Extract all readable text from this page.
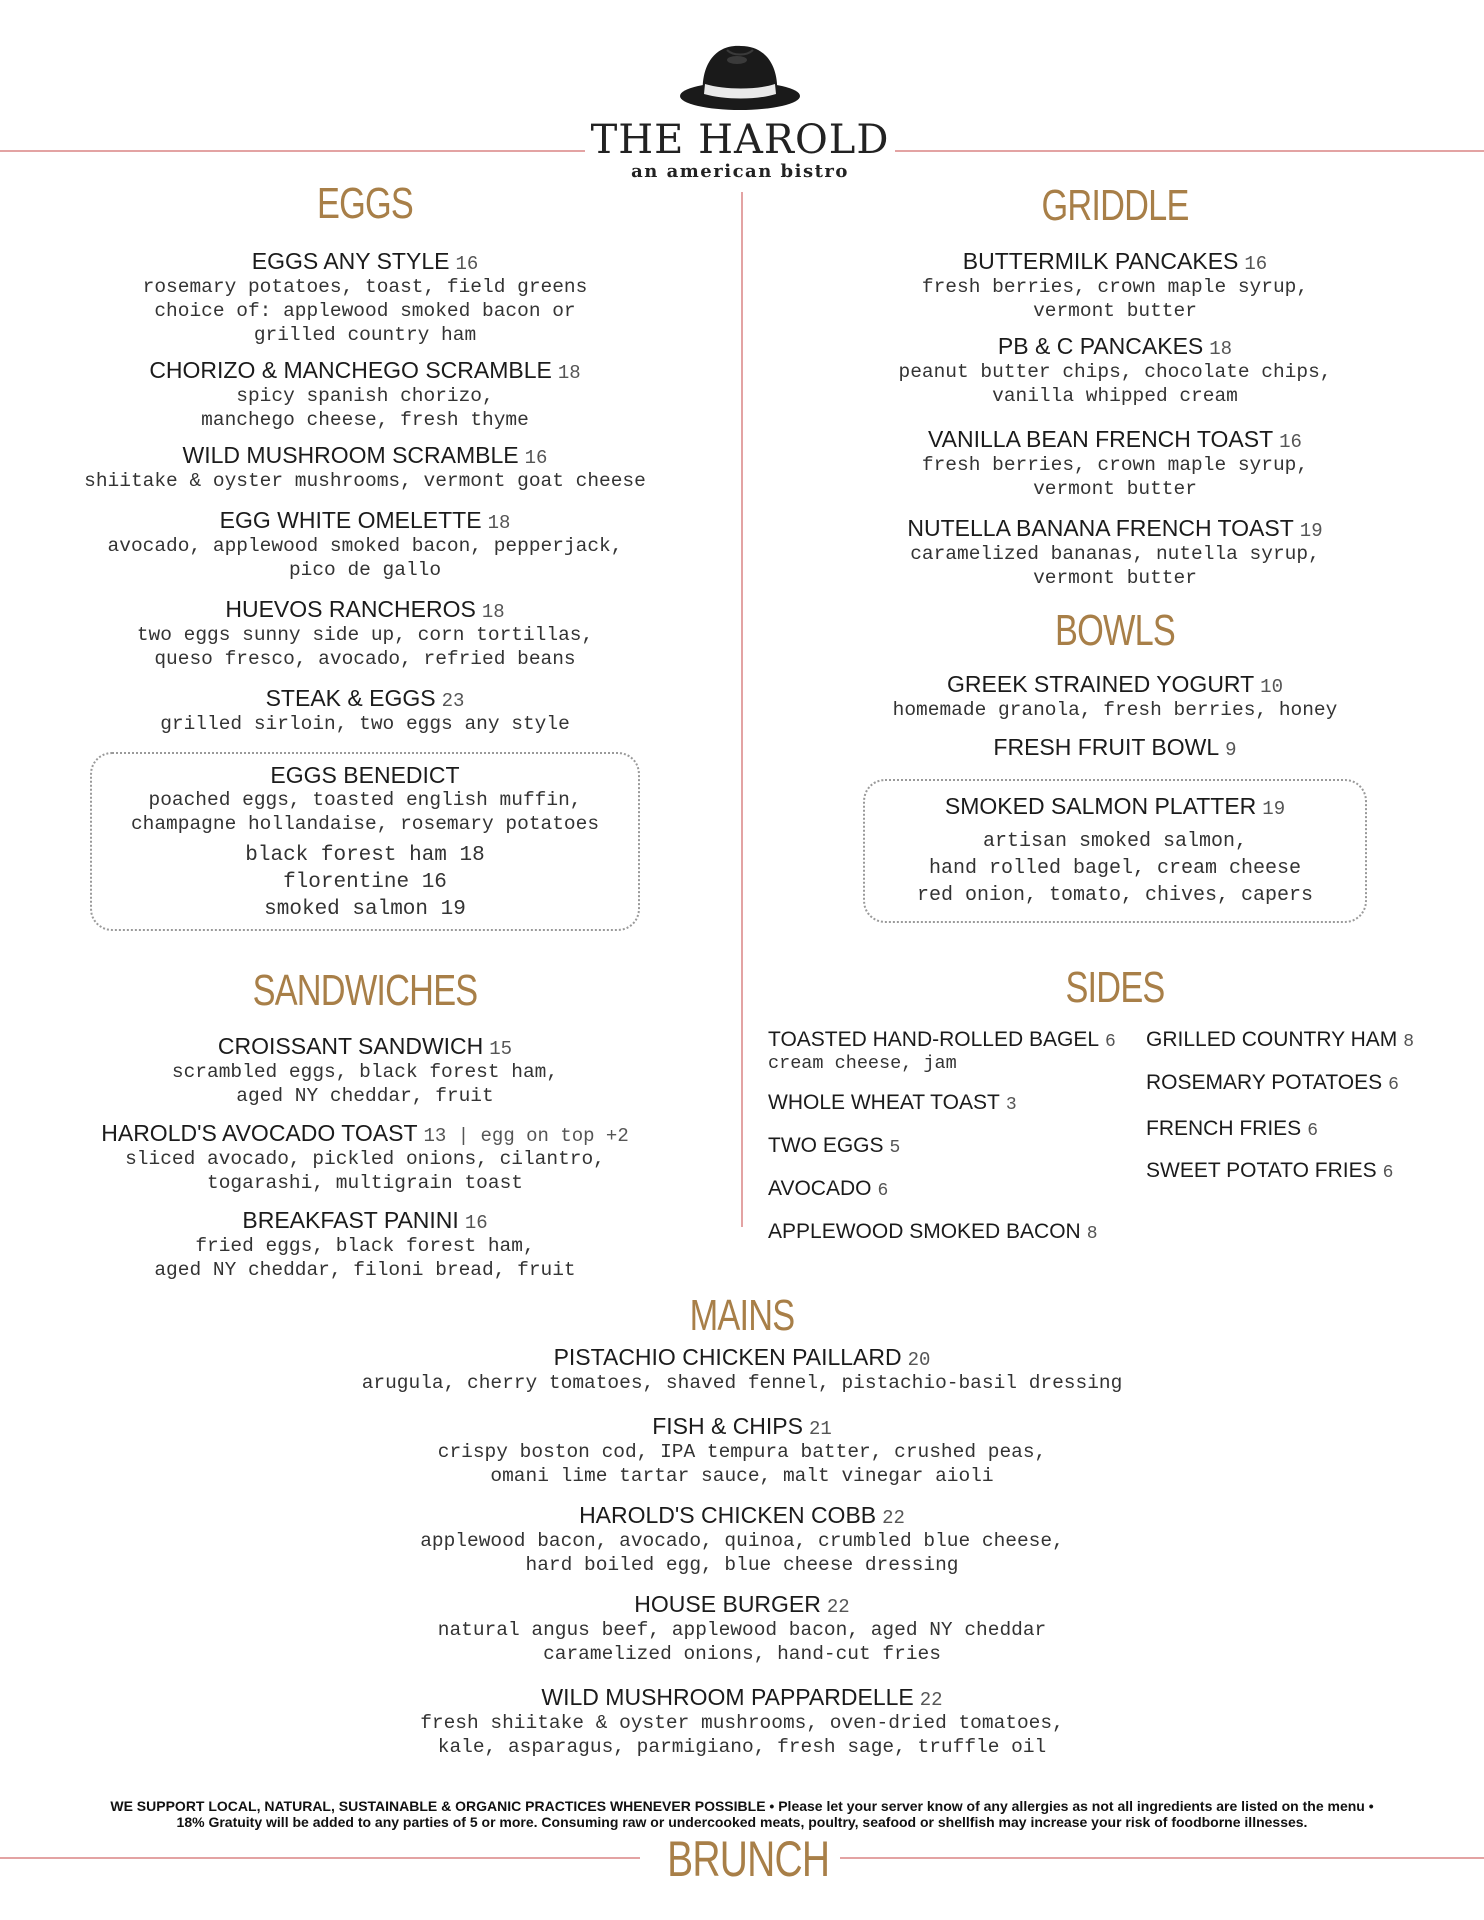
THE HAROLD
an american bistro
EGGS
EGGS ANY STYLE 16
rosemary potatoes, toast, field greens
choice of: applewood smoked bacon or
grilled country ham
CHORIZO & MANCHEGO SCRAMBLE 18
spicy spanish chorizo,
manchego cheese, fresh thyme
WILD MUSHROOM SCRAMBLE 16
shiitake & oyster mushrooms, vermont goat cheese
EGG WHITE OMELETTE 18
avocado, applewood smoked bacon, pepperjack,
pico de gallo
HUEVOS RANCHEROS 18
two eggs sunny side up, corn tortillas,
queso fresco, avocado, refried beans
STEAK & EGGS 23
grilled sirloin, two eggs any style
EGGS BENEDICT
poached eggs, toasted english muffin,
champagne hollandaise, rosemary potatoes
black forest ham 18
florentine 16
smoked salmon 19
SANDWICHES
CROISSANT SANDWICH 15
scrambled eggs, black forest ham,
aged NY cheddar, fruit
HAROLD'S AVOCADO TOAST 13 | egg on top +2
sliced avocado, pickled onions, cilantro,
togarashi, multigrain toast
BREAKFAST PANINI 16
fried eggs, black forest ham,
aged NY cheddar, filoni bread, fruit
GRIDDLE
BUTTERMILK PANCAKES 16
fresh berries, crown maple syrup,
vermont butter
PB & C PANCAKES 18
peanut butter chips, chocolate chips,
vanilla whipped cream
VANILLA BEAN FRENCH TOAST 16
fresh berries, crown maple syrup,
vermont butter
NUTELLA BANANA FRENCH TOAST 19
caramelized bananas, nutella syrup,
vermont butter
BOWLS
GREEK STRAINED YOGURT 10
homemade granola, fresh berries, honey
FRESH FRUIT BOWL 9
SMOKED SALMON PLATTER 19
artisan smoked salmon,
hand rolled bagel, cream cheese
red onion, tomato, chives, capers
SIDES
TOASTED HAND-ROLLED BAGEL 6
cream cheese, jam
WHOLE WHEAT TOAST 3
TWO EGGS 5
AVOCADO 6
APPLEWOOD SMOKED BACON 8
GRILLED COUNTRY HAM 8
ROSEMARY POTATOES 6
FRENCH FRIES 6
SWEET POTATO FRIES 6
MAINS
PISTACHIO CHICKEN PAILLARD 20
arugula, cherry tomatoes, shaved fennel, pistachio-basil dressing
FISH & CHIPS 21
crispy boston cod, IPA tempura batter, crushed peas,
omani lime tartar sauce, malt vinegar aioli
HAROLD'S CHICKEN COBB 22
applewood bacon, avocado, quinoa, crumbled blue cheese,
hard boiled egg, blue cheese dressing
HOUSE BURGER 22
natural angus beef, applewood bacon, aged NY cheddar
caramelized onions, hand-cut fries
WILD MUSHROOM PAPPARDELLE 22
fresh shiitake & oyster mushrooms, oven-dried tomatoes,
kale, asparagus, parmigiano, fresh sage, truffle oil
WE SUPPORT LOCAL, NATURAL, SUSTAINABLE & ORGANIC PRACTICES WHENEVER POSSIBLE • Please let your server know of any allergies as not all ingredients are listed on the menu •
18% Gratuity will be added to any parties of 5 or more. Consuming raw or undercooked meats, poultry, seafood or shellfish may increase your risk of foodborne illnesses.
BRUNCH
